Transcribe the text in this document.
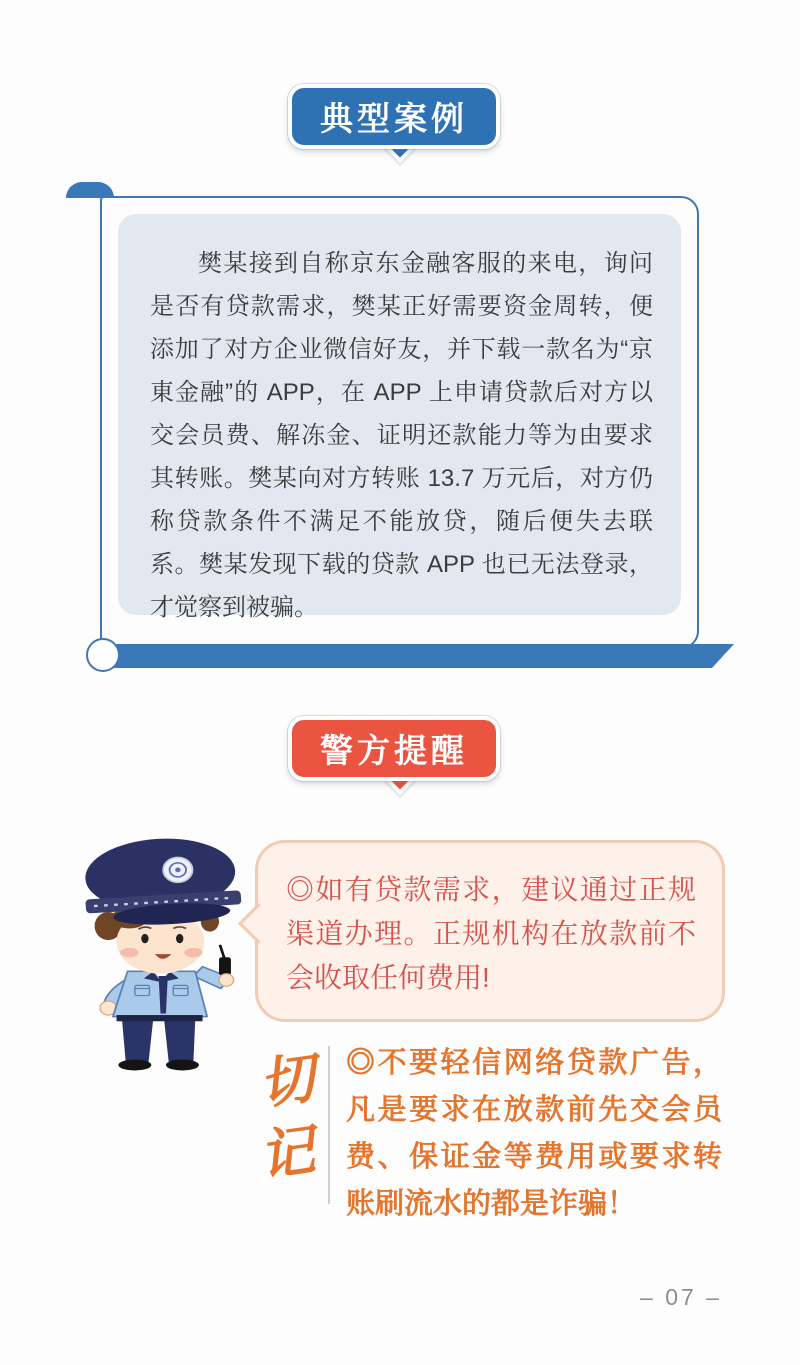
典型案例

樊某接到自称京东金融客服的来电，询问是否有贷款需求，樊某正好需要资金周转，便添加了对方企业微信好友，并下载一款名为“京東金融”的 APP，在 APP 上申请贷款后对方以交会员费、解冻金、证明还款能力等为由要求其转账。樊某向对方转账 13.7 万元后，对方仍称贷款条件不满足不能放贷，随后便失去联系。樊某发现下载的贷款 APP 也已无法登录，才觉察到被骗。

警方提醒

◎如有贷款需求，建议通过正规渠道办理。正规机构在放款前不会收取任何费用!

切
记

◎不要轻信网络贷款广告，凡是要求在放款前先交会员费、保证金等费用或要求转账刷流水的都是诈骗！

– 07 –
